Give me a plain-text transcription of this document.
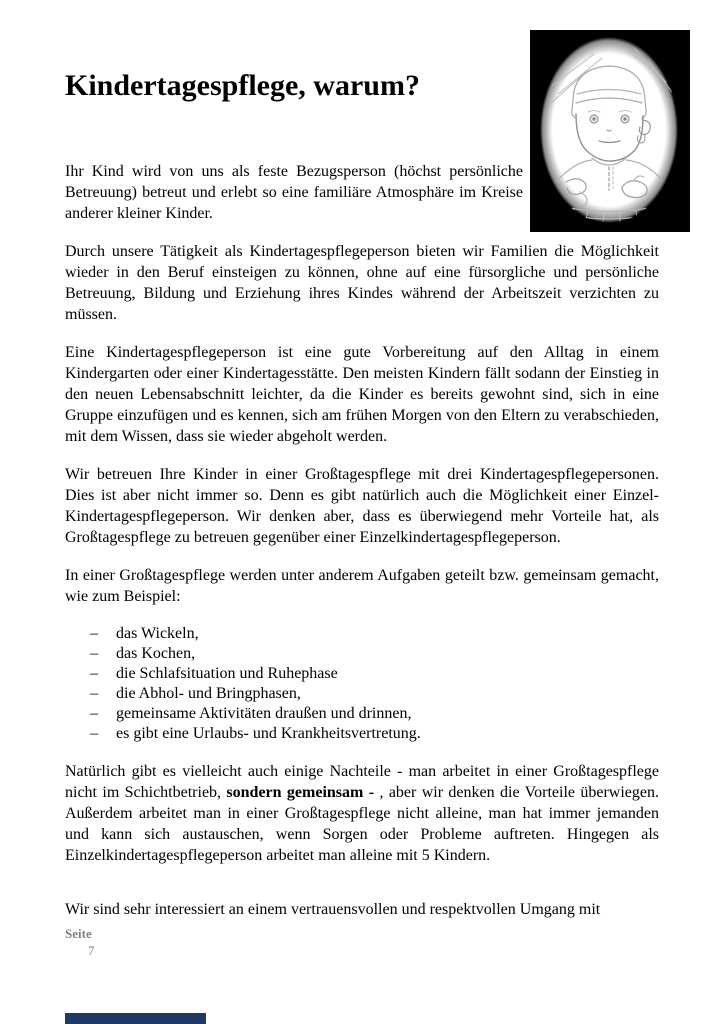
Kindertagespflege, warum?

Ihr Kind wird von uns als feste Bezugsperson (höchst persönliche Betreuung) betreut und erlebt so eine familiäre Atmosphäre im Kreise anderer kleiner Kinder.

Durch unsere Tätigkeit als Kindertagespflegeperson bieten wir Familien die Möglichkeit wieder in den Beruf einsteigen zu können, ohne auf eine fürsorgliche und persönliche Betreuung, Bildung und Erziehung ihres Kindes während der Arbeitszeit verzichten zu müssen.

Eine Kindertagespflegeperson ist eine gute Vorbereitung auf den Alltag in einem Kindergarten oder einer Kindertagesstätte. Den meisten Kindern fällt sodann der Einstieg in den neuen Lebensabschnitt leichter, da die Kinder es bereits gewohnt sind, sich in eine Gruppe einzufügen und es kennen, sich am frühen Morgen von den Eltern zu verabschieden, mit dem Wissen, dass sie wieder abgeholt werden.

Wir betreuen Ihre Kinder in einer Großtagespflege mit drei Kindertagespflegepersonen. Dies ist aber nicht immer so. Denn es gibt natürlich auch die Möglichkeit einer Einzel-Kindertagespflegeperson. Wir denken aber, dass es überwiegend mehr Vorteile hat, als Großtagespflege zu betreuen gegenüber einer Einzelkindertagespflegeperson.

In einer Großtagespflege werden unter anderem Aufgaben geteilt bzw. gemeinsam gemacht, wie zum Beispiel:

–	das Wickeln,
–	das Kochen,
–	die Schlafsituation und Ruhephase
–	die Abhol- und Bringphasen,
–	gemeinsame Aktivitäten draußen und drinnen,
–	es gibt eine Urlaubs- und Krankheitsvertretung.

Natürlich gibt es vielleicht auch einige Nachteile - man arbeitet in einer Großtagespflege nicht im Schichtbetrieb, sondern gemeinsam - , aber wir denken die Vorteile überwiegen. Außerdem arbeitet man in einer Großtagespflege nicht alleine, man hat immer jemanden und kann sich austauschen, wenn Sorgen oder Probleme auftreten. Hingegen als Einzelkindertagespflegeperson arbeitet man alleine mit 5 Kindern.

Wir sind sehr interessiert an einem vertrauensvollen und respektvollen Umgang mit

Seite
7
